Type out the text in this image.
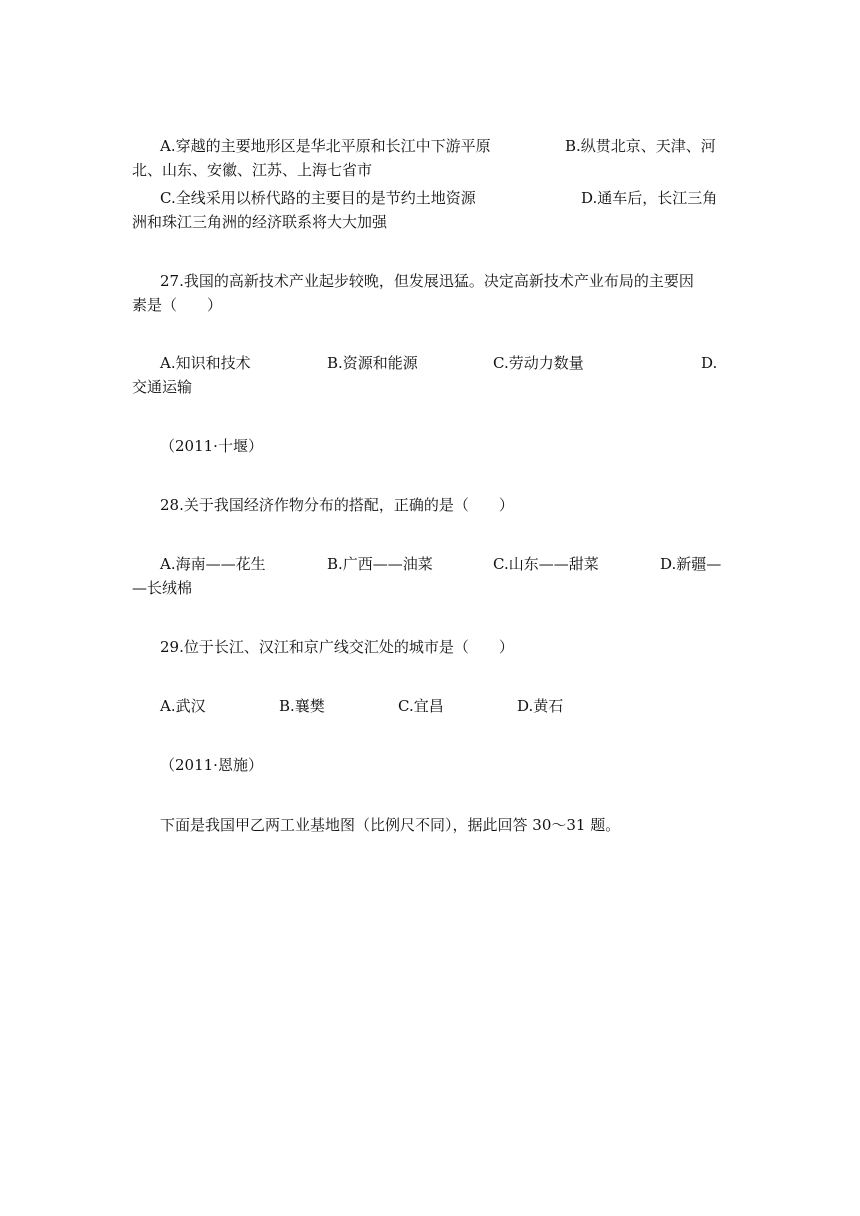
A.穿越的主要地形区是华北平原和长江中下游平原	B.纵贯北京、天津、河
北、山东、安徽、江苏、上海七省市
C.全线采用以桥代路的主要目的是节约土地资源	D.通车后，长江三角
洲和珠江三角洲的经济联系将大大加强
27.我国的高新技术产业起步较晚，但发展迅猛。决定高新技术产业布局的主要因
素是（　　）
A.知识和技术	B.资源和能源	C.劳动力数量	D.
交通运输
（2011·十堰）
28.关于我国经济作物分布的搭配，正确的是（　　）
A.海南——花生	B.广西——油菜	C.山东——甜菜	D.新疆—
—长绒棉
29.位于长江、汉江和京广线交汇处的城市是（　　）
A.武汉	B.襄樊	C.宜昌	D.黄石
（2011·恩施）
下面是我国甲乙两工业基地图（比例尺不同），据此回答 30～31 题。
